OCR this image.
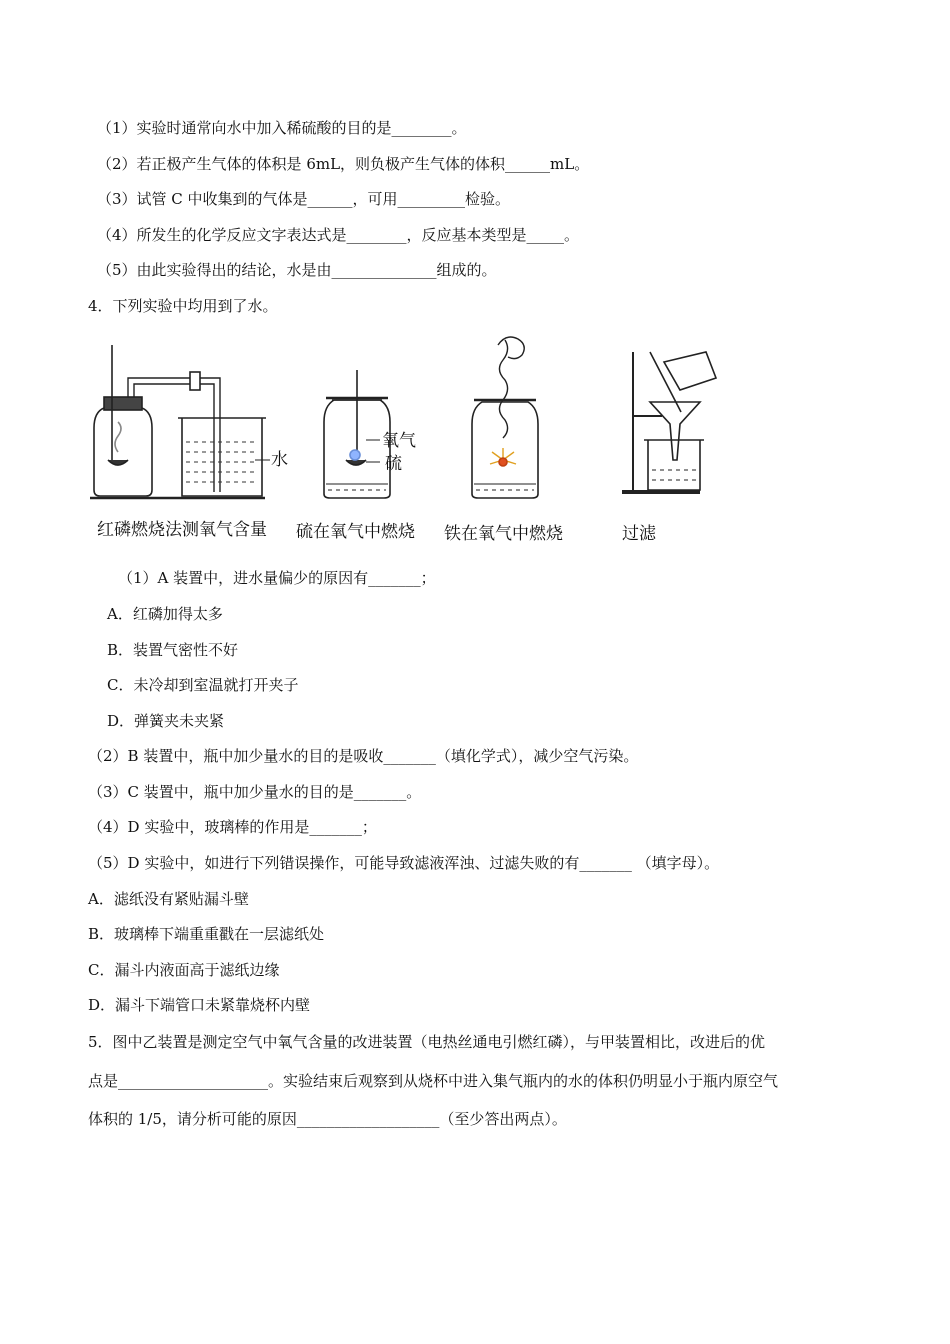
（1）实验时通常向水中加入稀硫酸的目的是________。
（2）若正极产生气体的体积是 6mL，则负极产生气体的体积______mL。
（3）试管 C 中收集到的气体是______，可用_________检验。
（4）所发生的化学反应文字表达式是________，反应基本类型是_____。
（5）由此实验得出的结论，水是由______________组成的。
4．下列实验中均用到了水。
水
氧气
硫
红磷燃烧法测氧气含量 硫在氧气中燃烧 铁在氧气中燃烧	过滤
（1）A 装置中，进水量偏少的原因有_______；
A．红磷加得太多
B．装置气密性不好
C．未冷却到室温就打开夹子
D．弹簧夹未夹紧
（2）B 装置中，瓶中加少量水的目的是吸收_______（填化学式），减少空气污染。
（3）C 装置中，瓶中加少量水的目的是_______。
（4）D 实验中，玻璃棒的作用是_______；
（5）D 实验中，如进行下列错误操作，可能导致滤液浑浊、过滤失败的有_______ （填字母）。
A．滤纸没有紧贴漏斗壁
B．玻璃棒下端重重戳在一层滤纸处
C．漏斗内液面高于滤纸边缘
D．漏斗下端管口未紧靠烧杯内壁
5．图中乙装置是测定空气中氧气含量的改进装置（电热丝通电引燃红磷），与甲装置相比，改进后的优
点是____________________。实验结束后观察到从烧杯中进入集气瓶内的水的体积仍明显小于瓶内原空气
体积的 1/5，请分析可能的原因___________________（至少答出两点）。
